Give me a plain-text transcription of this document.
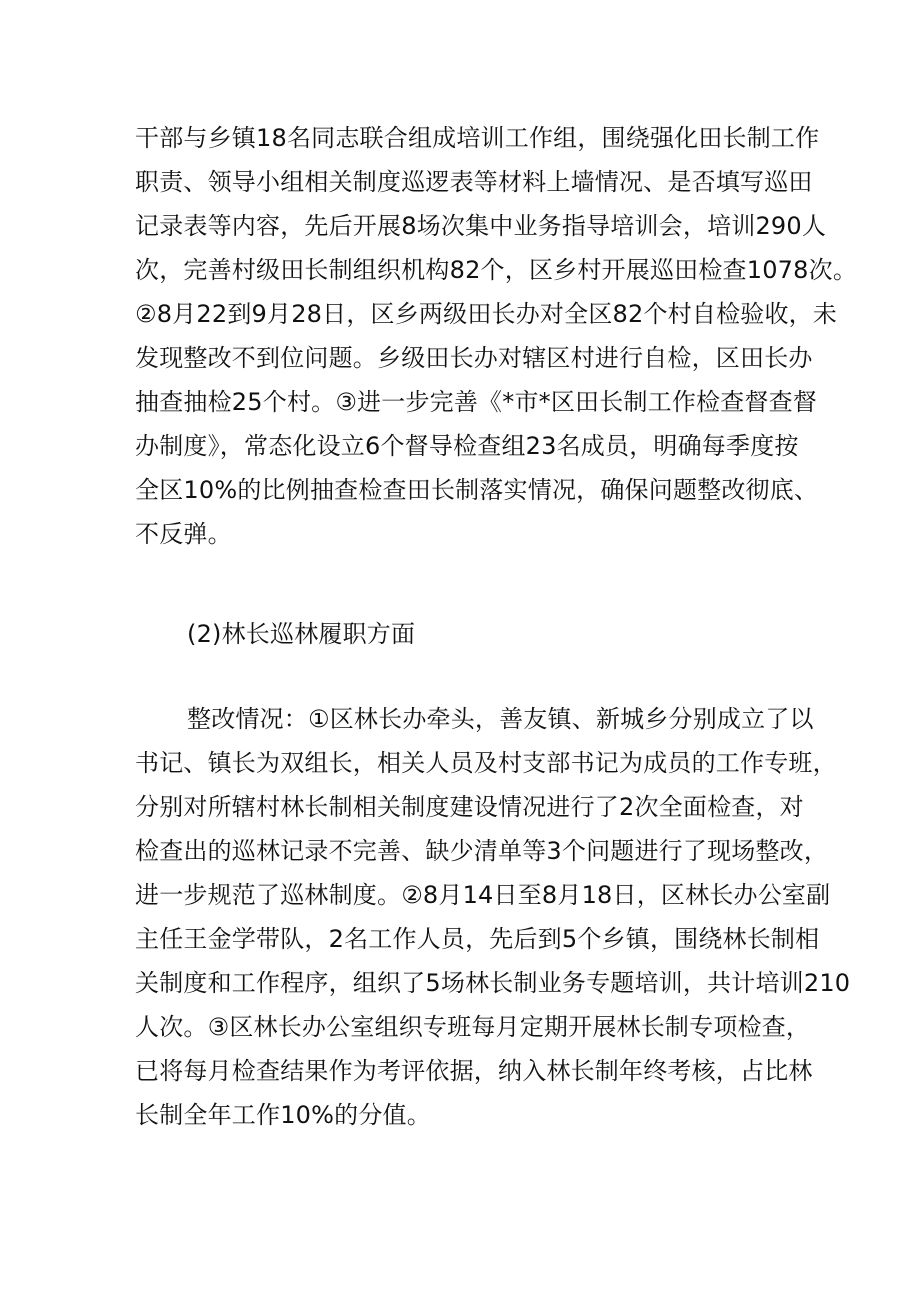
干部与乡镇18名同志联合组成培训工作组，围绕强化田长制工作
职责、领导小组相关制度巡逻表等材料上墙情况、是否填写巡田
记录表等内容，先后开展8场次集中业务指导培训会，培训290人
次，完善村级田长制组织机构82个，区乡村开展巡田检查1078次。
②8月22到9月28日，区乡两级田长办对全区82个村自检验收，未
发现整改不到位问题。乡级田长办对辖区村进行自检，区田长办
抽查抽检25个村。③进一步完善《*市*区田长制工作检查督查督
办制度》，常态化设立6个督导检查组23名成员，明确每季度按
全区10%的比例抽查检查田长制落实情况，确保问题整改彻底、
不反弹。
(2)林长巡林履职方面
整改情况：①区林长办牵头，善友镇、新城乡分别成立了以
书记、镇长为双组长，相关人员及村支部书记为成员的工作专班，
分别对所辖村林长制相关制度建设情况进行了2次全面检查，对
检查出的巡林记录不完善、缺少清单等3个问题进行了现场整改，
进一步规范了巡林制度。②8月14日至8月18日，区林长办公室副
主任王金学带队，2名工作人员，先后到5个乡镇，围绕林长制相
关制度和工作程序，组织了5场林长制业务专题培训，共计培训210
人次。③区林长办公室组织专班每月定期开展林长制专项检查，
已将每月检查结果作为考评依据，纳入林长制年终考核，占比林
长制全年工作10%的分值。
